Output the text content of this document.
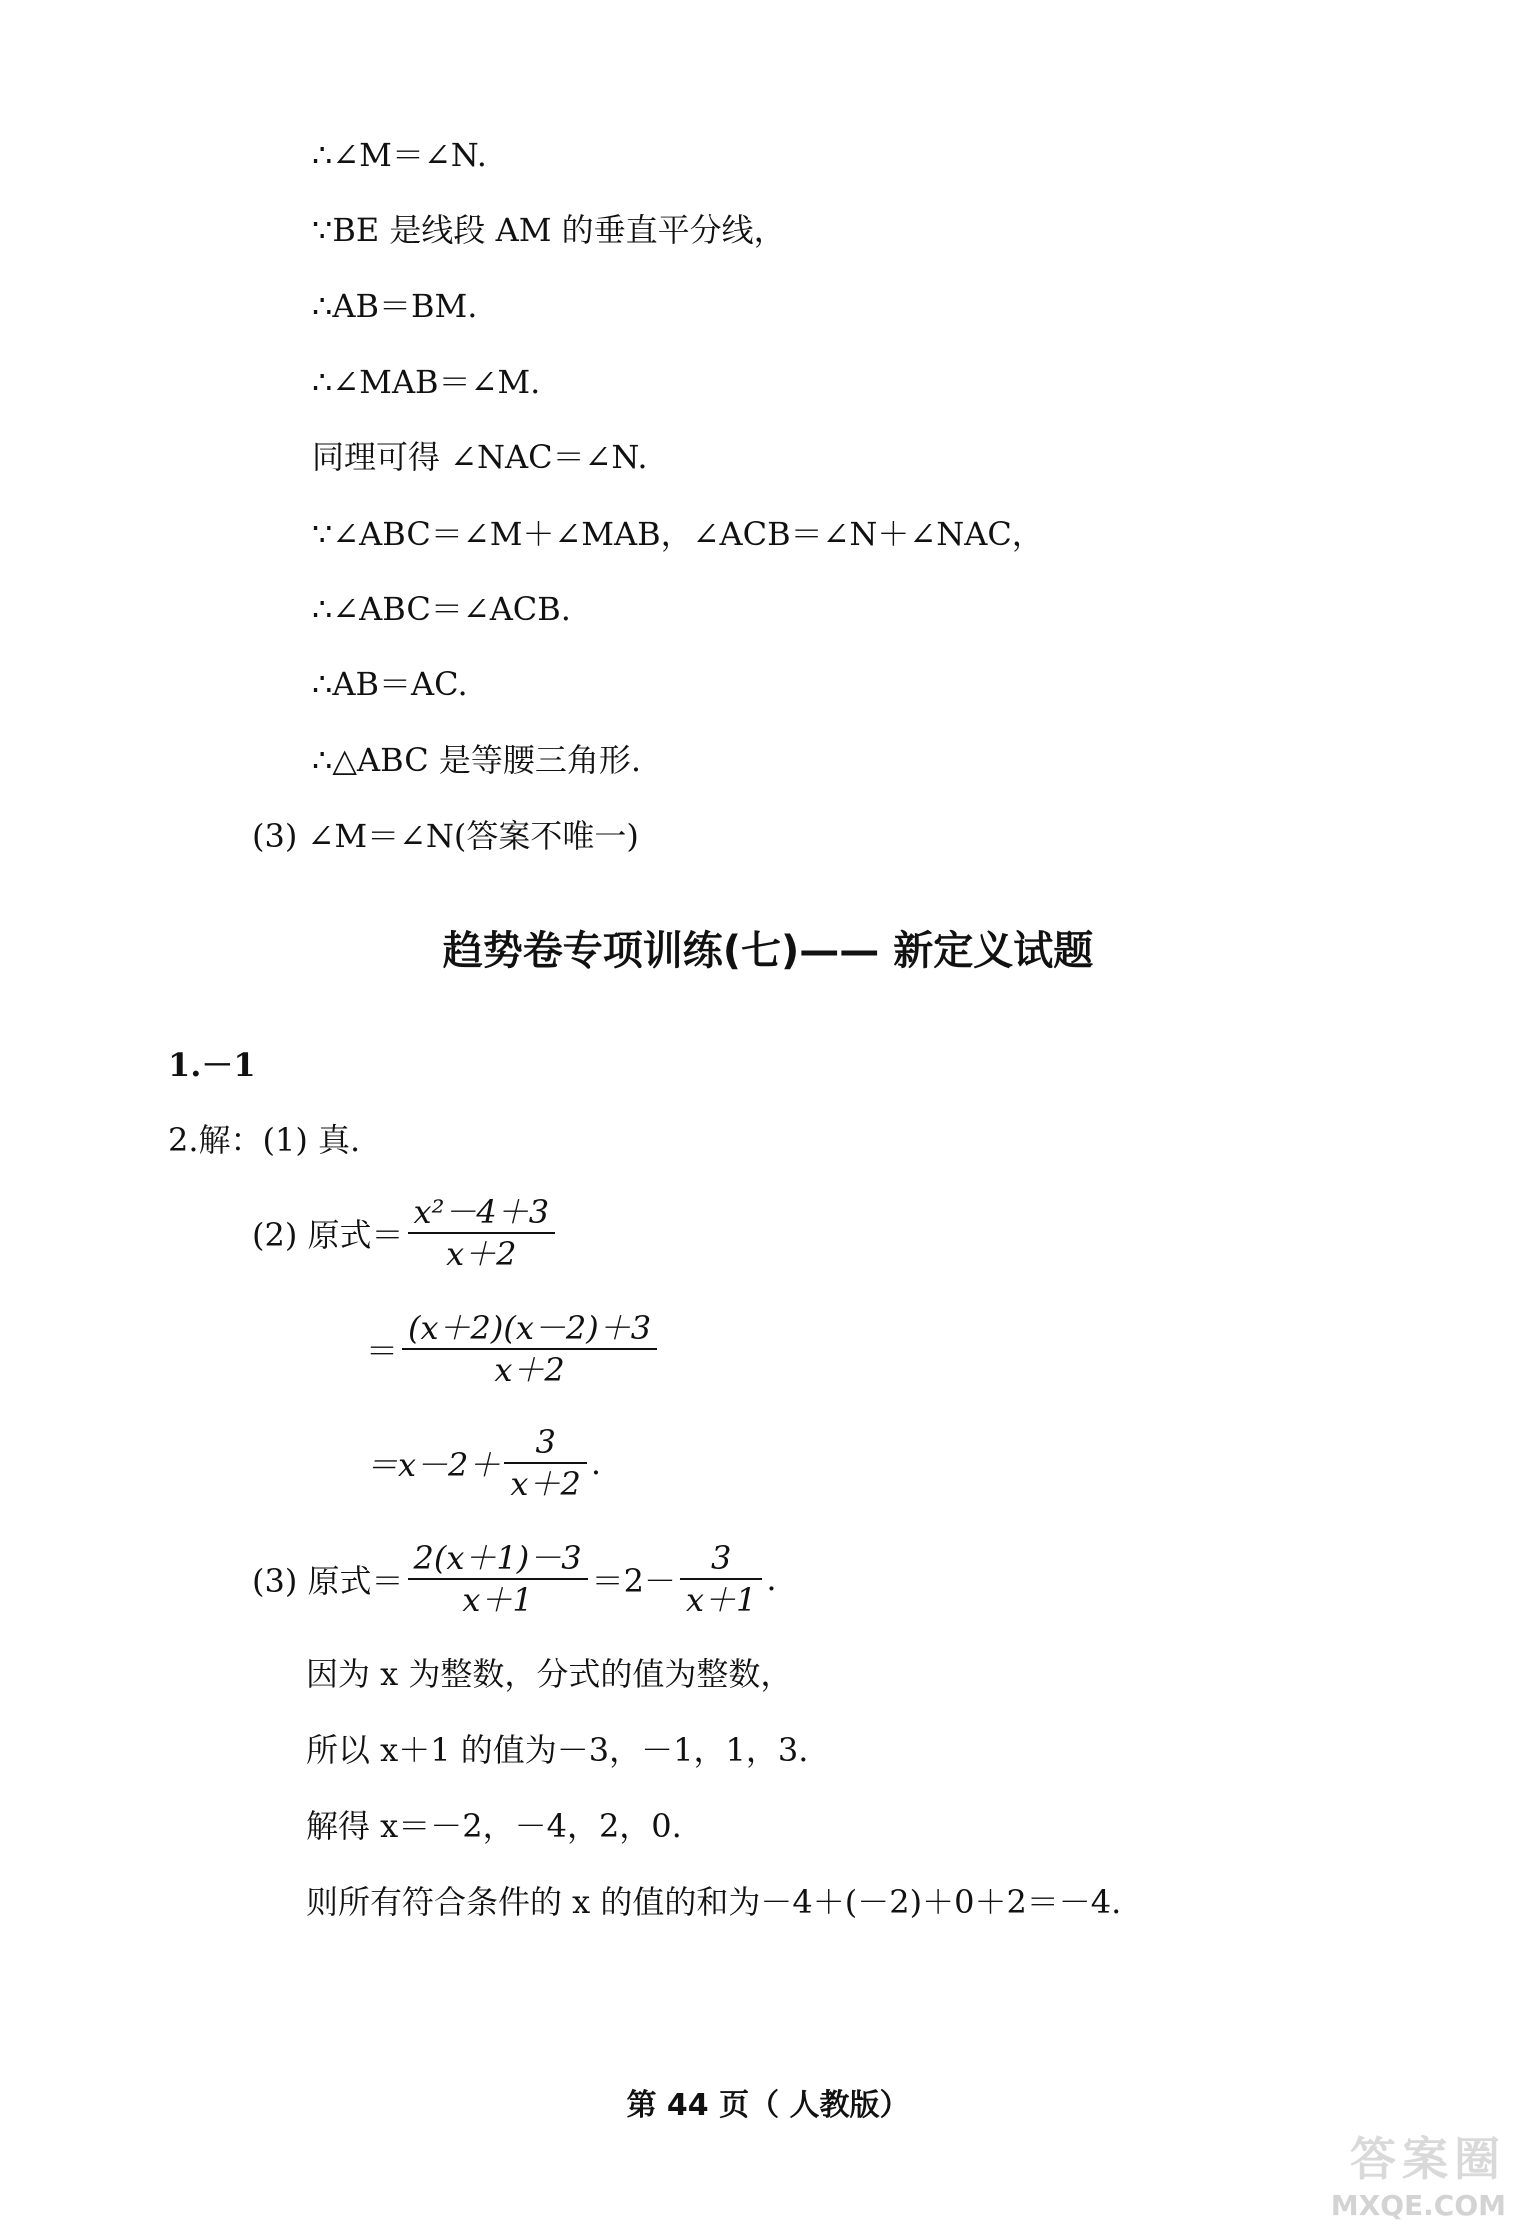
∴∠M＝∠N.
∵BE 是线段 AM 的垂直平分线，
∴AB＝BM.
∴∠MAB＝∠M.
同理可得 ∠NAC＝∠N.
∵∠ABC＝∠M＋∠MAB，∠ACB＝∠N＋∠NAC，
∴∠ABC＝∠ACB.
∴AB＝AC.
∴△ABC 是等腰三角形.
(3) ∠M＝∠N(答案不唯一)
趋势卷专项训练(七)—— 新定义试题
1.－1
2.解：(1) 真.
(2) 原式＝ $\frac{\text{x²－4＋3}}{x+2}$
＝ $\frac{(x+2)(x-2)+3}{x+2}$
$=x-2+ \frac{3}{x+2}$ .
(3) 原式＝ $\frac{2(x+1)-3}{x+1} =2- \frac{3}{x+1}$ .
因为 x 为整数，分式的值为整数，
所以 x＋1 的值为－3，－1，1，3.
解得 x＝－2，－4，2，0.
则所有符合条件的 x 的值的和为－4＋(－2)＋0＋2＝－4.
第 44 页（ 人教版）
答案圈
MXQE.COM
